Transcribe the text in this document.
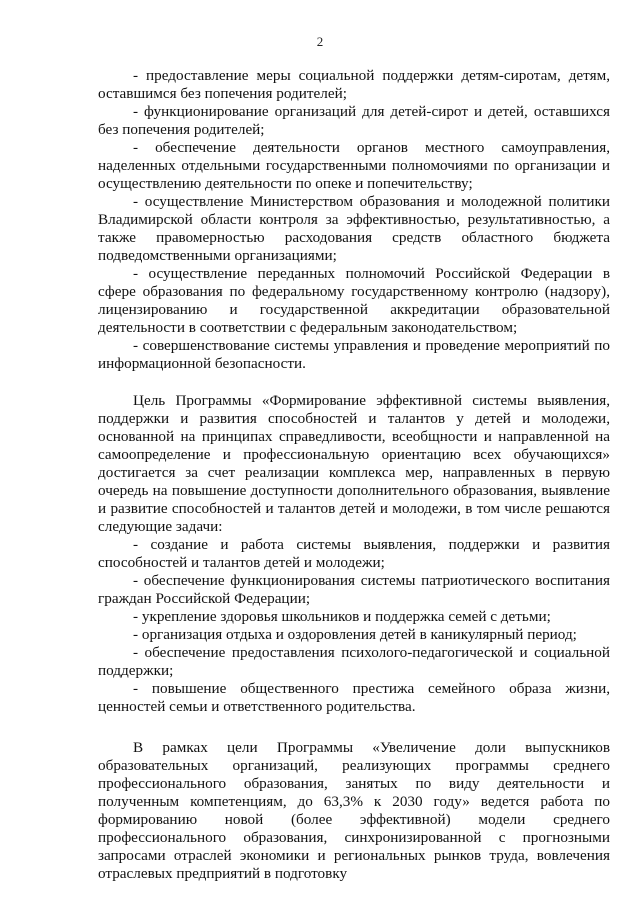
2

- предоставление меры социальной поддержки детям-сиротам, детям, оставшимся без попечения родителей;

- функционирование организаций для детей-сирот и детей, оставшихся без попечения родителей;

- обеспечение деятельности органов местного самоуправления, наделенных отдельными государственными полномочиями по организации и осуществлению деятельности по опеке и попечительству;

- осуществление Министерством образования и молодежной политики Владимирской области контроля за эффективностью, результативностью, а также правомерностью расходования средств областного бюджета подведомственными организациями;

- осуществление переданных полномочий Российской Федерации в сфере образования по федеральному государственному контролю (надзору), лицензированию и государственной аккредитации образовательной деятельности в соответствии с федеральным законодательством;

- совершенствование системы управления и проведение мероприятий по информационной безопасности.

Цель Программы «Формирование эффективной системы выявления, поддержки и развития способностей и талантов у детей и молодежи, основанной на принципах справедливости, всеобщности и направленной на самоопределение и профессиональную ориентацию всех обучающихся» достигается за счет реализации комплекса мер, направленных в первую очередь на повышение доступности дополнительного образования, выявление и развитие способностей и талантов детей и молодежи, в том числе решаются следующие задачи:

- создание и работа системы выявления, поддержки и развития способностей и талантов детей и молодежи;

- обеспечение функционирования системы патриотического воспитания граждан Российской Федерации;

- укрепление здоровья школьников и поддержка семей с детьми;

- организация отдыха и оздоровления детей в каникулярный период;

- обеспечение предоставления психолого-педагогической и социальной поддержки;

- повышение общественного престижа семейного образа жизни, ценностей семьи и ответственного родительства.

В рамках цели Программы «Увеличение доли выпускников образовательных организаций, реализующих программы среднего профессионального образования, занятых по виду деятельности и полученным компетенциям, до 63,3% к 2030 году» ведется работа по формированию новой (более эффективной) модели среднего профессионального образования, синхронизированной с прогнозными запросами отраслей экономики и региональных рынков труда, вовлечения отраслевых предприятий в подготовку
